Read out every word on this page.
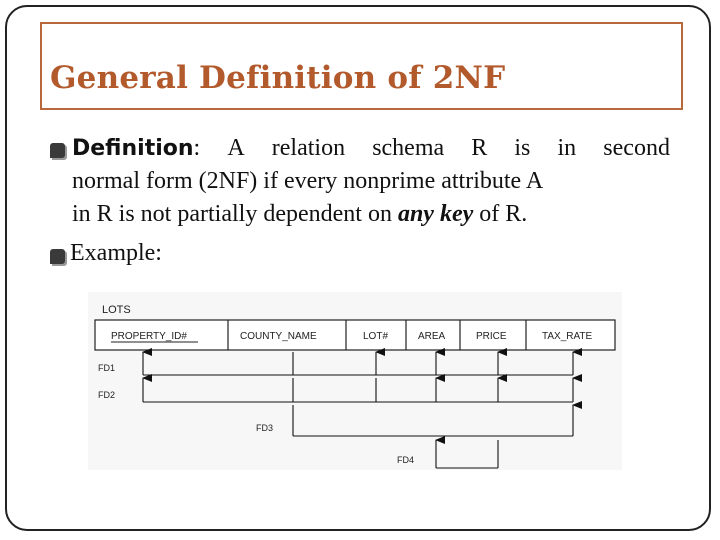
General Definition of 2NF
Definition: A relation schema R is in second
normal form (2NF) if every nonprime attribute A
in R is not partially dependent on any key of R.
Example:
LOTS
PROPERTY_ID#	COUNTY_NAME	LOT#	AREA	PRICE	TAX_RATE
FD1
FD2
FD3
FD4
